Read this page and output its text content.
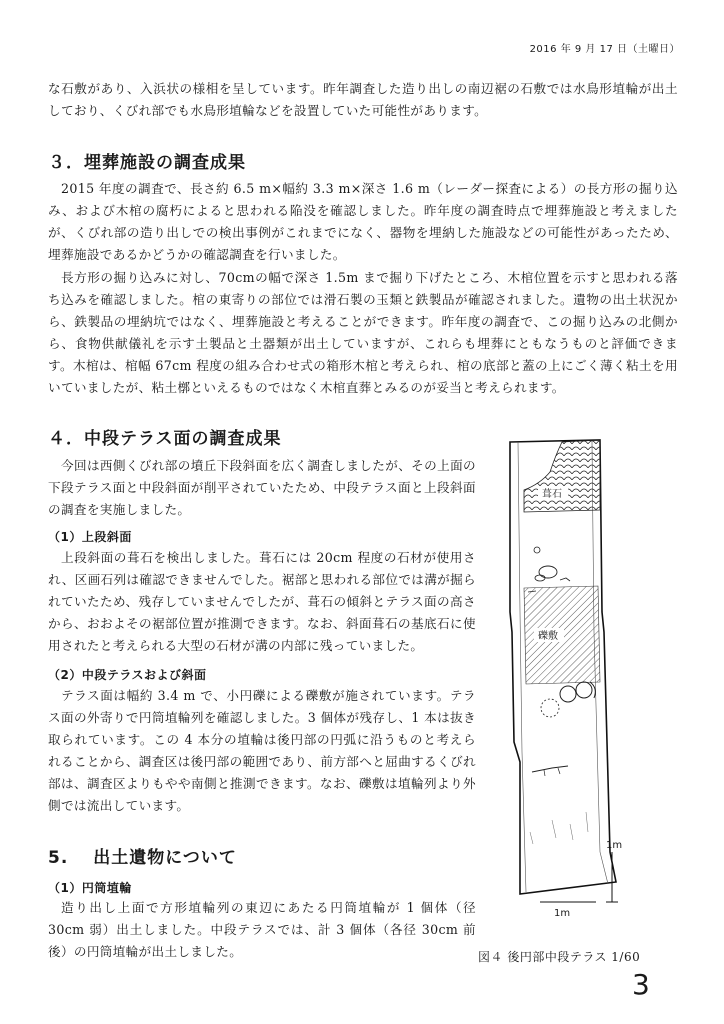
2016 年 9 月 17 日（土曜日）

な石敷があり、入浜状の様相を呈しています。昨年調査した造り出しの南辺裾の石敷では水鳥形埴輪が出土しており、くびれ部でも水鳥形埴輪などを設置していた可能性があります。

３．埋葬施設の調査成果

2015 年度の調査で、長さ約 6.5 m×幅約 3.3 m×深さ 1.6 m（レーダー探査による）の長方形の掘り込み、および木棺の腐朽によると思われる陥没を確認しました。昨年度の調査時点で埋葬施設と考えましたが、くびれ部の造り出しでの検出事例がこれまでになく、器物を埋納した施設などの可能性があったため、埋葬施設であるかどうかの確認調査を行いました。

長方形の掘り込みに対し、70cmの幅で深さ 1.5m まで掘り下げたところ、木棺位置を示すと思われる落ち込みを確認しました。棺の東寄りの部位では滑石製の玉類と鉄製品が確認されました。遺物の出土状況から、鉄製品の埋納坑ではなく、埋葬施設と考えることができます。昨年度の調査で、この掘り込みの北側から、食物供献儀礼を示す土製品と土器類が出土していますが、これらも埋葬にともなうものと評価できます。木棺は、棺幅 67cm 程度の組み合わせ式の箱形木棺と考えられ、棺の底部と蓋の上にごく薄く粘土を用いていましたが、粘土槨といえるものではなく木棺直葬とみるのが妥当と考えられます。

４．中段テラス面の調査成果

今回は西側くびれ部の墳丘下段斜面を広く調査しましたが、その上面の下段テラス面と中段斜面が削平されていたため、中段テラス面と上段斜面の調査を実施しました。

（1）上段斜面

上段斜面の葺石を検出しました。葺石には 20cm 程度の石材が使用され、区画石列は確認できませんでした。裾部と思われる部位では溝が掘られていたため、残存していませんでしたが、葺石の傾斜とテラス面の高さから、おおよその裾部位置が推測できます。なお、斜面葺石の基底石に使用されたと考えられる大型の石材が溝の内部に残っていました。

（2）中段テラスおよび斜面

テラス面は幅約 3.4 m で、小円礫による礫敷が施されています。テラス面の外寄りで円筒埴輪列を確認しました。3 個体が残存し、1 本は抜き取られています。この 4 本分の埴輪は後円部の円弧に沿うものと考えられることから、調査区は後円部の範囲であり、前方部へと屈曲するくびれ部は、調査区よりもやや南側と推測できます。なお、礫敷は埴輪列より外側では流出しています。

5.　 出土遺物について
（1）円筒埴輪

造り出し上面で方形埴輪列の東辺にあたる円筒埴輪が 1 個体（径 30cm 弱）出土しました。中段テラスでは、計 3 個体（各径 30cm 前後）の円筒埴輪が出土しました。

葺石
礫敷
1m
1m

図４ 後円部中段テラス 1/60

3
